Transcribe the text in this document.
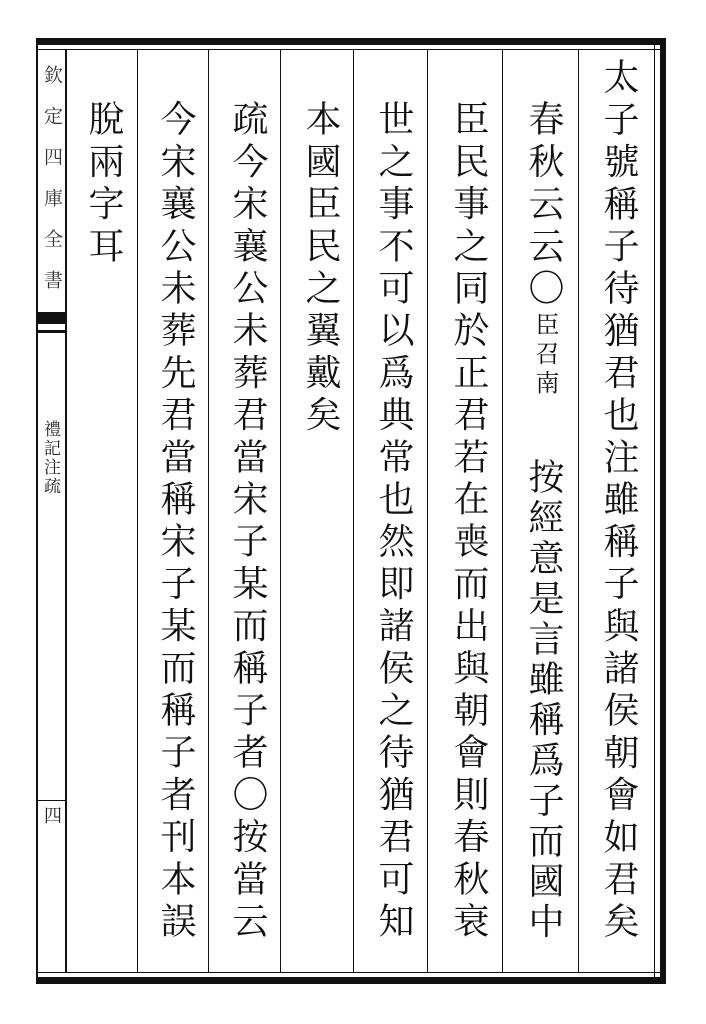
欽定四庫全書
禮記注疏
四	太子號稱子待猶君也注雖稱子與諸侯朝會如君矣
春秋云云〇
臣召南
按經意是言雖稱爲子而國中
臣民事之同於正君若在喪而出與朝會則春秋衰
世之事不可以爲典常也然即諸侯之待猶君可知
本國臣民之翼戴矣
疏今宋襄公未葬君當宋子某而稱子者〇按當云
今宋襄公未葬先君當稱宋子某而稱子者刊本誤
脫兩字耳
